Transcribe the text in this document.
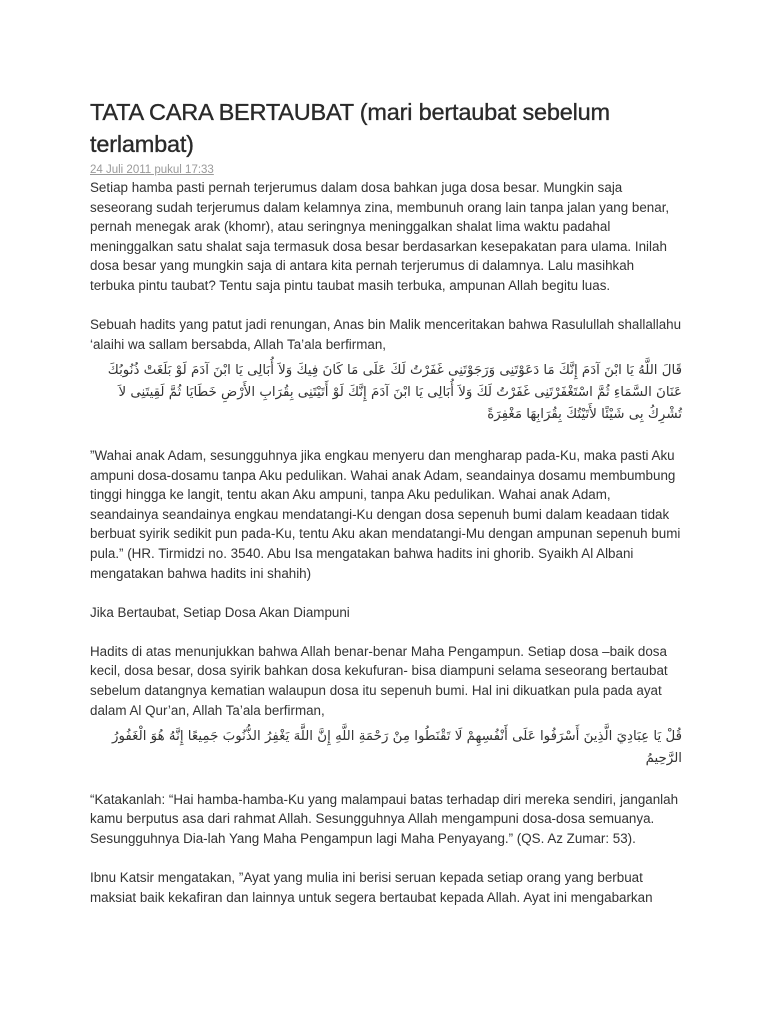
TATA CARA BERTAUBAT (mari bertaubat sebelum terlambat)
24 Juli 2011 pukul 17:33

Setiap hamba pasti pernah terjerumus dalam dosa bahkan juga dosa besar. Mungkin saja seseorang sudah terjerumus dalam kelamnya zina, membunuh orang lain tanpa jalan yang benar, pernah menegak arak (khomr), atau seringnya meninggalkan shalat lima waktu padahal meninggalkan satu shalat saja termasuk dosa besar berdasarkan kesepakatan para ulama. Inilah dosa besar yang mungkin saja di antara kita pernah terjerumus di dalamnya. Lalu masihkah terbuka pintu taubat? Tentu saja pintu taubat masih terbuka, ampunan Allah begitu luas.

Sebuah hadits yang patut jadi renungan, Anas bin Malik menceritakan bahwa Rasulullah shallallahu ‘alaihi wa sallam bersabda, Allah Ta’ala berfirman,

قَالَ اللَّهُ يَا ابْنَ آدَمَ إِنَّكَ مَا دَعَوْتَنِى وَرَجَوْتَنِى غَفَرْتُ لَكَ عَلَى مَا كَانَ فِيكَ وَلاَ أُبَالِى يَا ابْنَ آدَمَ لَوْ بَلَغَتْ ذُنُوبُكَ عَنَانَ السَّمَاءِ ثُمَّ اسْتَغْفَرْتَنِى غَفَرْتُ لَكَ وَلاَ أُبَالِى يَا ابْنَ آدَمَ إِنَّكَ لَوْ أَتَيْتَنِى بِقُرَابِ الأَرْضِ خَطَايَا ثُمَّ لَقِيتَنِى لاَ تُشْرِكُ بِى شَيْئًا لأَتَيْتُكَ بِقُرَابِهَا مَغْفِرَةً

”Wahai anak Adam, sesungguhnya jika engkau menyeru dan mengharap pada-Ku, maka pasti Aku ampuni dosa-dosamu tanpa Aku pedulikan. Wahai anak Adam, seandainya dosamu membumbung tinggi hingga ke langit, tentu akan Aku ampuni, tanpa Aku pedulikan. Wahai anak Adam, seandainya seandainya engkau mendatangi-Ku dengan dosa sepenuh bumi dalam keadaan tidak berbuat syirik sedikit pun pada-Ku, tentu Aku akan mendatangi-Mu dengan ampunan sepenuh bumi pula.” (HR. Tirmidzi no. 3540. Abu Isa mengatakan bahwa hadits ini ghorib. Syaikh Al Albani mengatakan bahwa hadits ini shahih)

Jika Bertaubat, Setiap Dosa Akan Diampuni

Hadits di atas menunjukkan bahwa Allah benar-benar Maha Pengampun. Setiap dosa –baik dosa kecil, dosa besar, dosa syirik bahkan dosa kekufuran- bisa diampuni selama seseorang bertaubat sebelum datangnya kematian walaupun dosa itu sepenuh bumi. Hal ini dikuatkan pula pada ayat dalam Al Qur’an, Allah Ta’ala berfirman,

قُلْ يَا عِبَادِيَ الَّذِينَ أَسْرَفُوا عَلَى أَنْفُسِهِمْ لَا تَقْنَطُوا مِنْ رَحْمَةِ اللَّهِ إِنَّ اللَّهَ يَغْفِرُ الذُّنُوبَ جَمِيعًا إِنَّهُ هُوَ الْغَفُورُ الرَّحِيمُ

“Katakanlah: “Hai hamba-hamba-Ku yang malampaui batas terhadap diri mereka sendiri, janganlah kamu berputus asa dari rahmat Allah. Sesungguhnya Allah mengampuni dosa-dosa semuanya. Sesungguhnya Dia-lah Yang Maha Pengampun lagi Maha Penyayang.” (QS. Az Zumar: 53).

Ibnu Katsir mengatakan, ”Ayat yang mulia ini berisi seruan kepada setiap orang yang berbuat maksiat baik kekafiran dan lainnya untuk segera bertaubat kepada Allah. Ayat ini mengabarkan
